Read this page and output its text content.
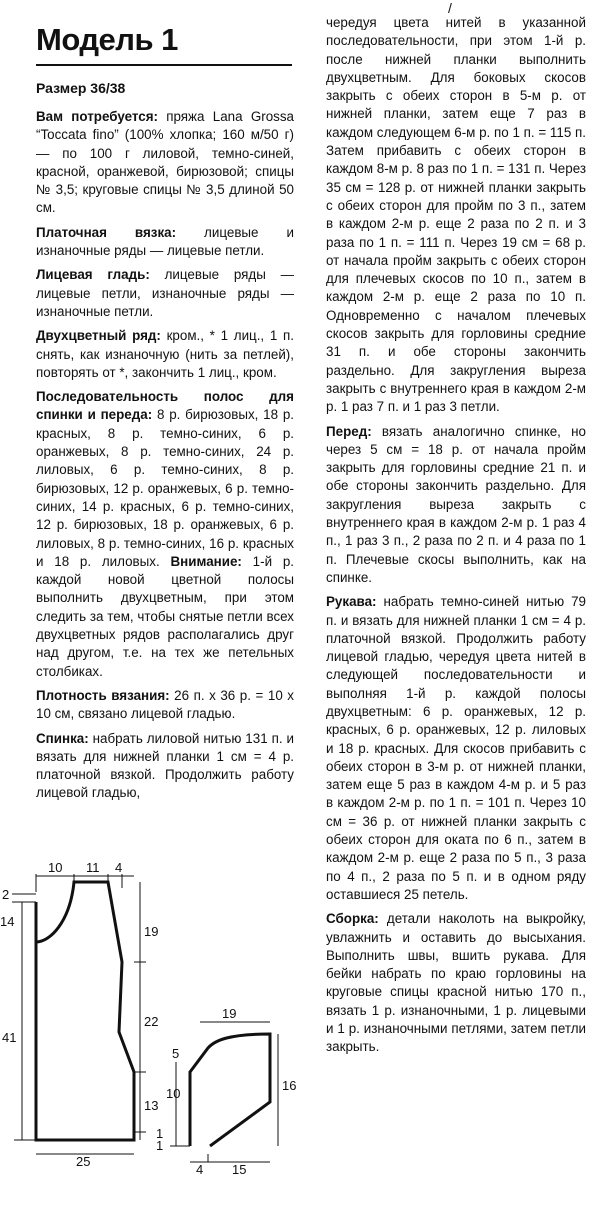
/
Модель 1
Размер 36/38

Вам потребуется: пряжа Lana Grossa “Toccata fino” (100% хлопка; 160 м/50 г) — по 100 г лиловой, темно-синей, красной, оранжевой, бирюзовой; спицы № 3,5; круговые спицы № 3,5 длиной 50 см.

Платочная вязка: лицевые и изнаночные ряды — лицевые петли.

Лицевая гладь: лицевые ряды — лицевые петли, изнаночные ряды — изнаночные петли.

Двухцветный ряд: кром., * 1 лиц., 1 п. снять, как изнаночную (нить за петлей), повторять от *, закончить 1 лиц., кром.

Последовательность полос для спинки и переда: 8 р. бирюзовых, 18 р. красных, 8 р. темно-синих, 6 р. оранжевых, 8 р. темно-синих, 24 р. лиловых, 6 р. темно-синих, 8 р. бирюзовых, 12 р. оранжевых, 6 р. темно-синих, 14 р. красных, 6 р. темно-синих, 12 р. бирюзовых, 18 р. оранжевых, 6 р. лиловых, 8 р. темно-синих, 16 р. красных и 18 р. лиловых. Внимание: 1-й р. каждой новой цветной полосы выполнить двухцветным, при этом следить за тем, чтобы снятые петли всех двухцветных рядов располагались друг над другом, т.е. на тех же петельных столбиках.

Плотность вязания: 26 п. х 36 р. = 10 х 10 см, связано лицевой гладью.

Спинка: набрать лиловой нитью 131 п. и вязать для нижней планки 1 см = 4 р. платочной вязкой. Продолжить работу лицевой гладью,

чередуя цвета нитей в указанной последовательности, при этом 1-й р. после нижней планки выполнить двухцветным. Для боковых скосов закрыть с обеих сторон в 5-м р. от нижней планки, затем еще 7 раз в каждом следующем 6-м р. по 1 п. = 115 п. Затем прибавить с обеих сторон в каждом 8-м р. 8 раз по 1 п. = 131 п. Через 35 см = 128 р. от нижней планки закрыть с обеих сторон для пройм по 3 п., затем в каждом 2-м р. еще 2 раза по 2 п. и 3 раза по 1 п. = 111 п. Через 19 см = 68 р. от начала пройм закрыть с обеих сторон для плечевых скосов по 10 п., затем в каждом 2-м р. еще 2 раза по 10 п. Одновременно с началом плечевых скосов закрыть для горловины средние 31 п. и обе стороны закончить раздельно. Для закругления выреза закрыть с внутреннего края в каждом 2-м р. 1 раз 7 п. и 1 раз 3 петли.

Перед: вязать аналогично спинке, но через 5 см = 18 р. от начала пройм закрыть для горловины средние 21 п. и обе стороны закончить раздельно. Для закругления выреза закрыть с внутреннего края в каждом 2-м р. 1 раз 4 п., 1 раз 3 п., 2 раза по 2 п. и 4 раза по 1 п. Плечевые скосы выполнить, как на спинке.

Рукава: набрать темно-синей нитью 79 п. и вязать для нижней планки 1 см = 4 р. платочной вязкой. Продолжить работу лицевой гладью, чередуя цвета нитей в следующей последовательности и выполняя 1-й р. каждой полосы двухцветным: 6 р. оранжевых, 12 р. красных, 6 р. оранжевых, 12 р. лиловых и 18 р. красных. Для скосов прибавить с обеих сторон в 3-м р. от нижней планки, затем еще 5 раз в каждом 4-м р. и 5 раз в каждом 2-м р. по 1 п. = 101 п. Через 10 см = 36 р. от нижней планки закрыть с обеих сторон для оката по 6 п., затем в каждом 2-м р. еще 2 раза по 5 п., 3 раза по 4 п., 2 раза по 5 п. и в одном ряду оставшиеся 25 петель.

Сборка: детали наколоть на выкройку, увлажнить и оставить до высыхания. Выполнить швы, вшить рукава. Для бейки набрать по краю горловины на круговые спицы красной нитью 170 п., вязать 1 р. изнаночными, 1 р. лицевыми и 1 р. изнаночными петлями, затем петли закрыть.

10 11 4
2
14
19
22
41
13
1
25
19
5
10
16
1
4 15
